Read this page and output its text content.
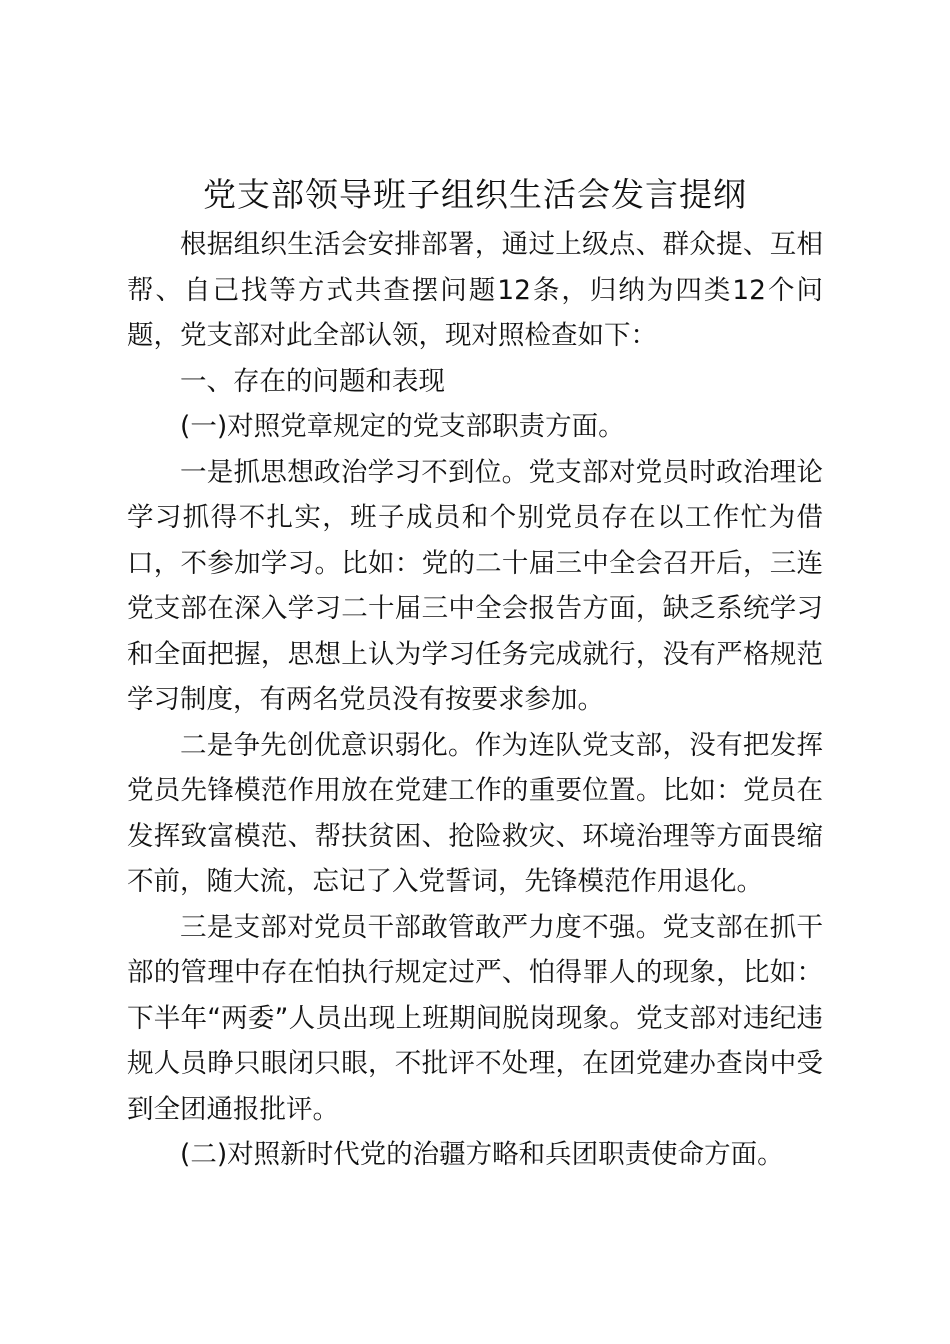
党支部领导班子组织生活会发言提纲

根据组织生活会安排部署，通过上级点、群众提、互相帮、自己找等方式共查摆问题12条，归纳为四类12个问题，党支部对此全部认领，现对照检查如下：

一、存在的问题和表现

(一)对照党章规定的党支部职责方面。

一是抓思想政治学习不到位。党支部对党员时政治理论学习抓得不扎实，班子成员和个别党员存在以工作忙为借口，不参加学习。比如：党的二十届三中全会召开后，三连党支部在深入学习二十届三中全会报告方面，缺乏系统学习和全面把握，思想上认为学习任务完成就行，没有严格规范学习制度，有两名党员没有按要求参加。

二是争先创优意识弱化。作为连队党支部，没有把发挥党员先锋模范作用放在党建工作的重要位置。比如：党员在发挥致富模范、帮扶贫困、抢险救灾、环境治理等方面畏缩不前，随大流，忘记了入党誓词，先锋模范作用退化。

三是支部对党员干部敢管敢严力度不强。党支部在抓干部的管理中存在怕执行规定过严、怕得罪人的现象，比如：下半年“两委”人员出现上班期间脱岗现象。党支部对违纪违规人员睁只眼闭只眼，不批评不处理，在团党建办查岗中受到全团通报批评。

(二)对照新时代党的治疆方略和兵团职责使命方面。
